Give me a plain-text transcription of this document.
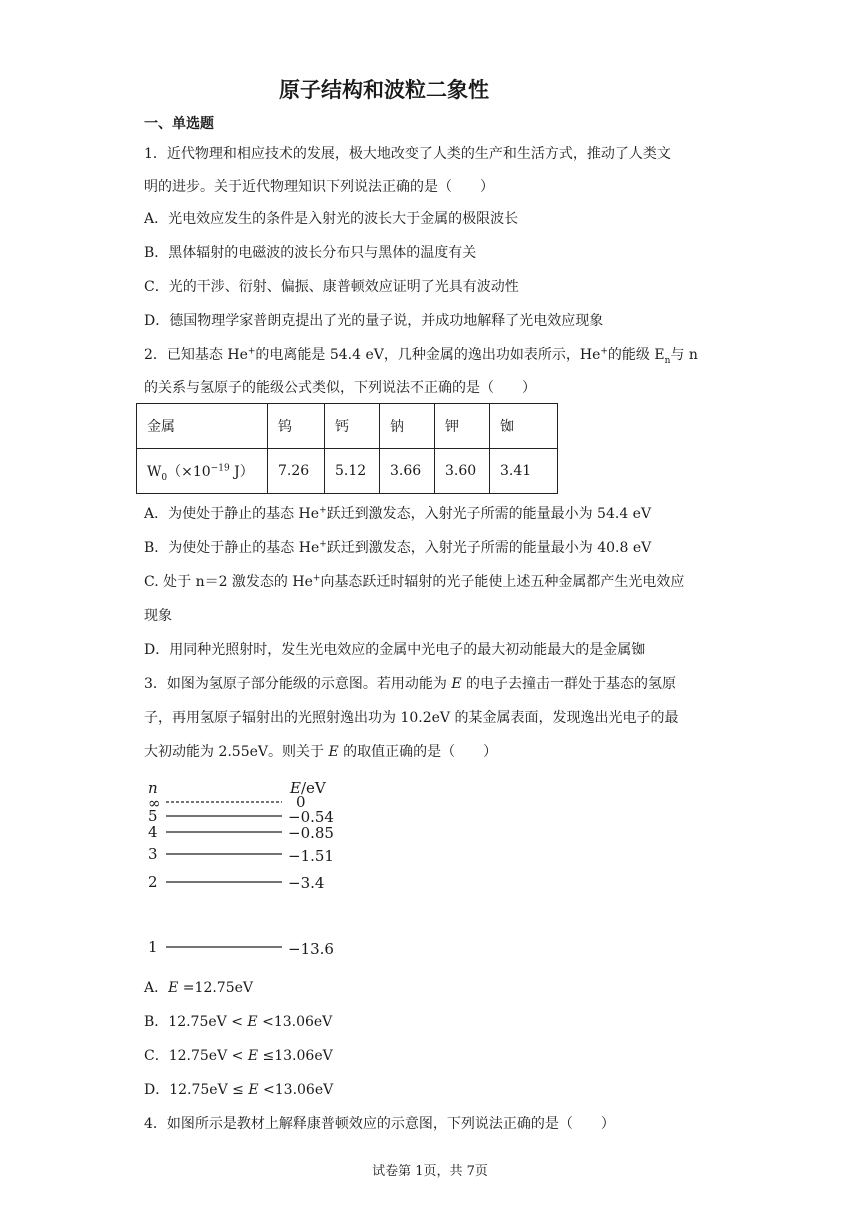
原子结构和波粒二象性
一、单选题
1．近代物理和相应技术的发展，极大地改变了人类的生产和生活方式，推动了人类文
明的进步。关于近代物理知识下列说法正确的是（　　）
A．光电效应发生的条件是入射光的波长大于金属的极限波长
B．黑体辐射的电磁波的波长分布只与黑体的温度有关
C．光的干涉、衍射、偏振、康普顿效应证明了光具有波动性
D．德国物理学家普朗克提出了光的量子说，并成功地解释了光电效应现象
2．已知基态 He+的电离能是 54.4 eV，几种金属的逸出功如表所示，He+的能级 $E_n$与 n
的关系与氢原子的能级公式类似，下列说法不正确的是（　　）
金属	钨	钙	钠	钾	铷
$W_0(\times 10^{-19}$ J）	7.26	5.12	3.66	3.60	3.41
A．为使处于静止的基态 He+跃迁到激发态，入射光子所需的能量最小为 54.4 eV
B．为使处于静止的基态 He+跃迁到激发态，入射光子所需的能量最小为 40.8 eV
C. 处于 n＝2 激发态的 He+向基态跃迁时辐射的光子能使上述五种金属都产生光电效应
现象
D．用同种光照射时，发生光电效应的金属中光电子的最大初动能最大的是金属铷
3．如图为氢原子部分能级的示意图。若用动能为 E 的电子去撞击一群处于基态的氢原
子，再用氢原子辐射出的光照射逸出功为 10.2eV 的某金属表面，发现逸出光电子的最
大初动能为 2.55eV。则关于 E 的取值正确的是（　　）
n	E/eV
∞	0
5	−0.54
4	−0.85
3	−1.51
2	−3.4
1	−13.6
A．E =12.75eV
B．12.75eV < E <13.06eV
C．12.75eV < E ≤13.06eV
D．12.75eV ≤ E <13.06eV
4．如图所示是教材上解释康普顿效应的示意图，下列说法正确的是（　　）
试卷第 1页，共 7页
